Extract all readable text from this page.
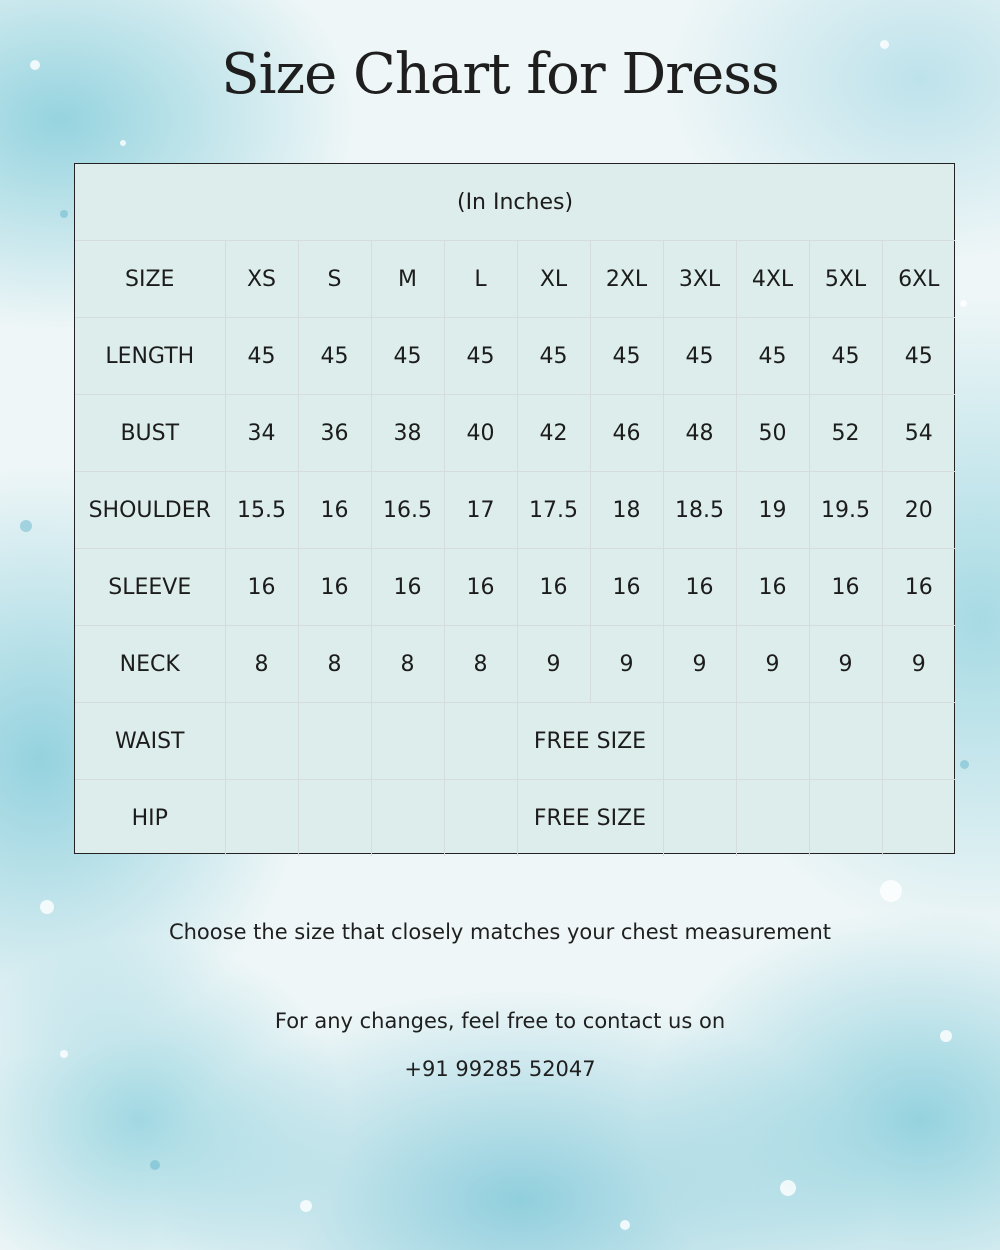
Size Chart for Dress
(In Inches)										
SIZE	XS	S	M	L	XL	2XL	3XL	4XL	5XL	6XL
LENGTH	45	45	45	45	45	45	45	45	45	45
BUST	34	36	38	40	42	46	48	50	52	54
SHOULDER	15.5	16	16.5	17	17.5	18	18.5	19	19.5	20
SLEEVE	16	16	16	16	16	16	16	16	16	16
NECK	8	8	8	8	9	9	9	9	9	9
WAIST					FREE SIZE					
HIP					FREE SIZE					
Choose the size that closely matches your chest measurement
For any changes, feel free to contact us on
+91 99285 52047
